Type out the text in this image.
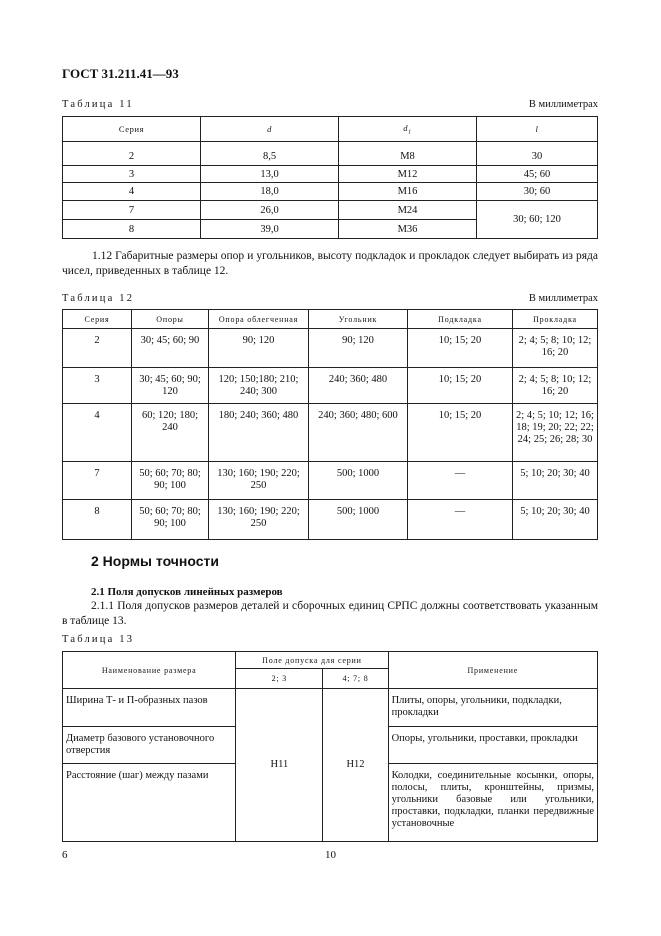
ГОСТ 31.211.41—93
Таблица 11	В миллиметрах
Серия	d	$d_1$	l
2	8,5	M8	30
3	13,0	M12	45; 60
4	18,0	M16	30; 60
7	26,0	M24	30; 60; 120
8	39,0	M36	
1.12 Габаритные размеры опор и угольников, высоту подкладок и прокладок следует выбирать из ряда чисел, приведенных в таблице 12.
Таблица 12	В миллиметрах
Серия	Опоры	Опора облегченная	Угольник	Подкладка	Прокладка
2	30; 45; 60; 90	90; 120	90; 120	10; 15; 20	2; 4; 5; 8; 10; 12; 16; 20
3	30; 45; 60; 90; 120	120; 150;180; 210; 240; 300	240; 360; 480	10; 15; 20	2; 4; 5; 8; 10; 12; 16; 20
4	60; 120; 180; 240	180; 240; 360; 480	240; 360; 480; 600	10; 15; 20	2; 4; 5; 10; 12; 16; 18; 19; 20; 22; 22; 24; 25; 26; 28; 30
7	50; 60; 70; 80; 90; 100	130; 160; 190; 220; 250	500; 1000	—	5; 10; 20; 30; 40
8	50; 60; 70; 80; 90; 100	130; 160; 190; 220; 250	500; 1000	—	5; 10; 20; 30; 40
2 Нормы точности
2.1 Поля допусков линейных размеров
2.1.1 Поля допусков размеров деталей и сборочных единиц СРПС должны соответствовать указанным в таблице 13.
Таблица 13
Наименование размера	Поле допуска для серии		Применение
	2; 3	4; 7; 8	
Ширина Т- и П-образных пазов	H11	H12	Плиты, опоры, угольники, подкладки, прокладки
Диаметр базового установочного отверстия			Опоры, угольники, проставки, прокладки
Расстояние (шаг) между пазами			Колодки, соединительные косынки, опоры, полосы, плиты, кронштейны, призмы, угольники базовые или угольники, проставки, подкладки, планки передвижные установочные
6	10
